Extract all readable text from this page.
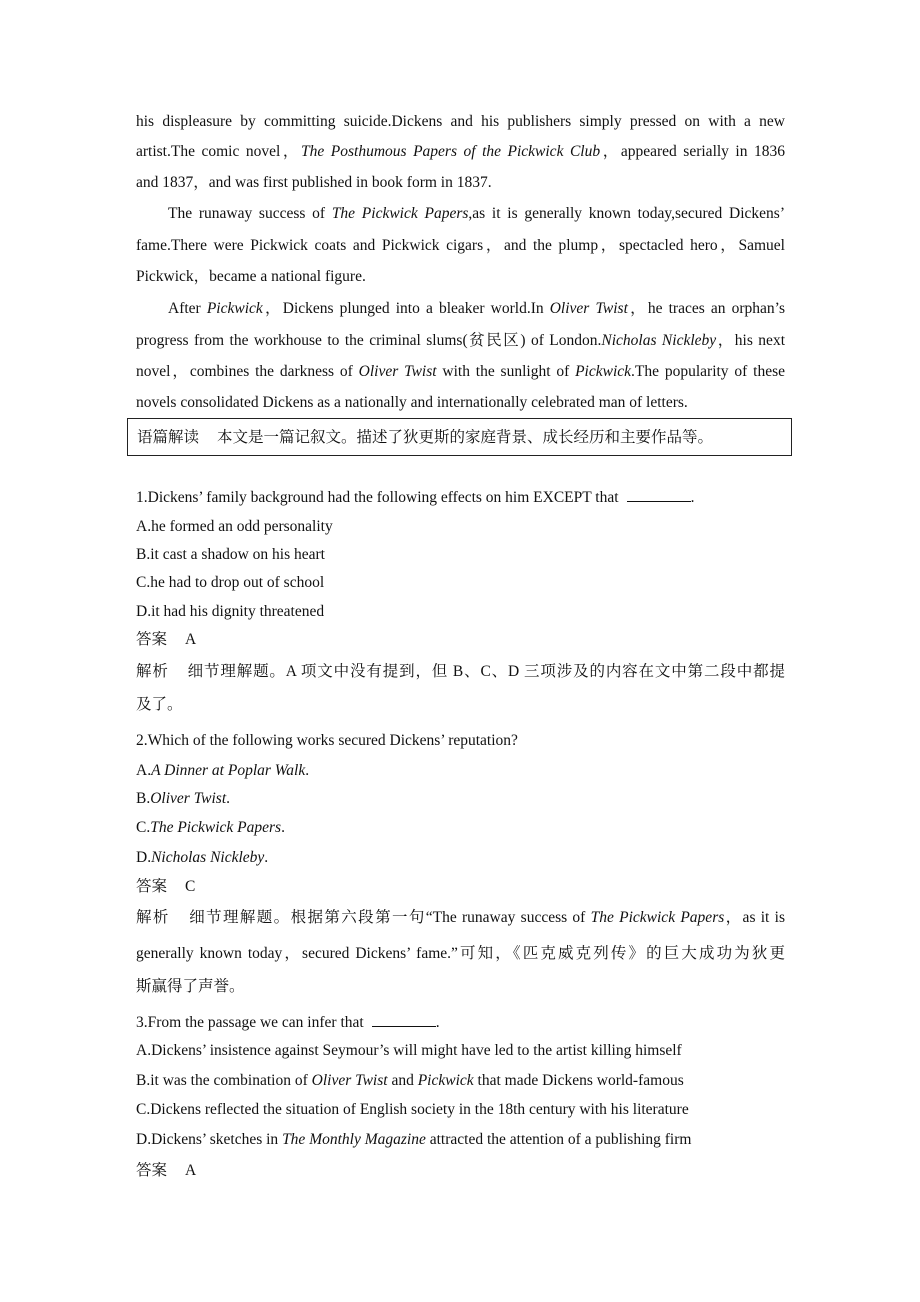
his displeasure by committing suicide.Dickens and his publishers simply pressed on with a new
artist.The comic novel，The Posthumous Papers of the Pickwick Club，appeared serially in 1836
and 1837，and was first published in book form in 1837.
The runaway success of The Pickwick Papers,as it is generally known today,secured Dickens’
fame.There were Pickwick coats and Pickwick cigars，and the plump，spectacled hero，Samuel
Pickwick，became a national figure.
After Pickwick，Dickens plunged into a bleaker world.In Oliver Twist，he traces an orphan’s
progress from the workhouse to the criminal slums(贫民区) of London.Nicholas Nickleby，his next
novel，combines the darkness of Oliver Twist with the sunlight of Pickwick.The popularity of these
novels consolidated Dickens as a nationally and internationally celebrated man of letters.
语篇解读 本文是一篇记叙文。描述了狄更斯的家庭背景、成长经历和主要作品等。
1.Dickens’ family background had the following effects on him EXCEPT that	.
A.he formed an odd personality
B.it cast a shadow on his heart
C.he had to drop out of school
D.it had his dignity threatened
答案 A
解析 细节理解题。A 项文中没有提到，但 B、C、D 三项涉及的内容在文中第二段中都提
及了。
2.Which of the following works secured Dickens’ reputation?
A.A Dinner at Poplar Walk.
B.Oliver Twist.
C.The Pickwick Papers.
D.Nicholas Nickleby.
答案 C
解析 细节理解题。根据第六段第一句“The runaway success of The Pickwick Papers，as it is
generally known today，secured Dickens’ fame.”可知，《匹克威克列传》的巨大成功为狄更
斯赢得了声誉。
3.From the passage we can infer that	.
A.Dickens’ insistence against Seymour’s will might have led to the artist killing himself
B.it was the combination of Oliver Twist and Pickwick that made Dickens world-famous
C.Dickens reflected the situation of English society in the 18th century with his literature
D.Dickens’ sketches in The Monthly Magazine attracted the attention of a publishing firm
答案 A
